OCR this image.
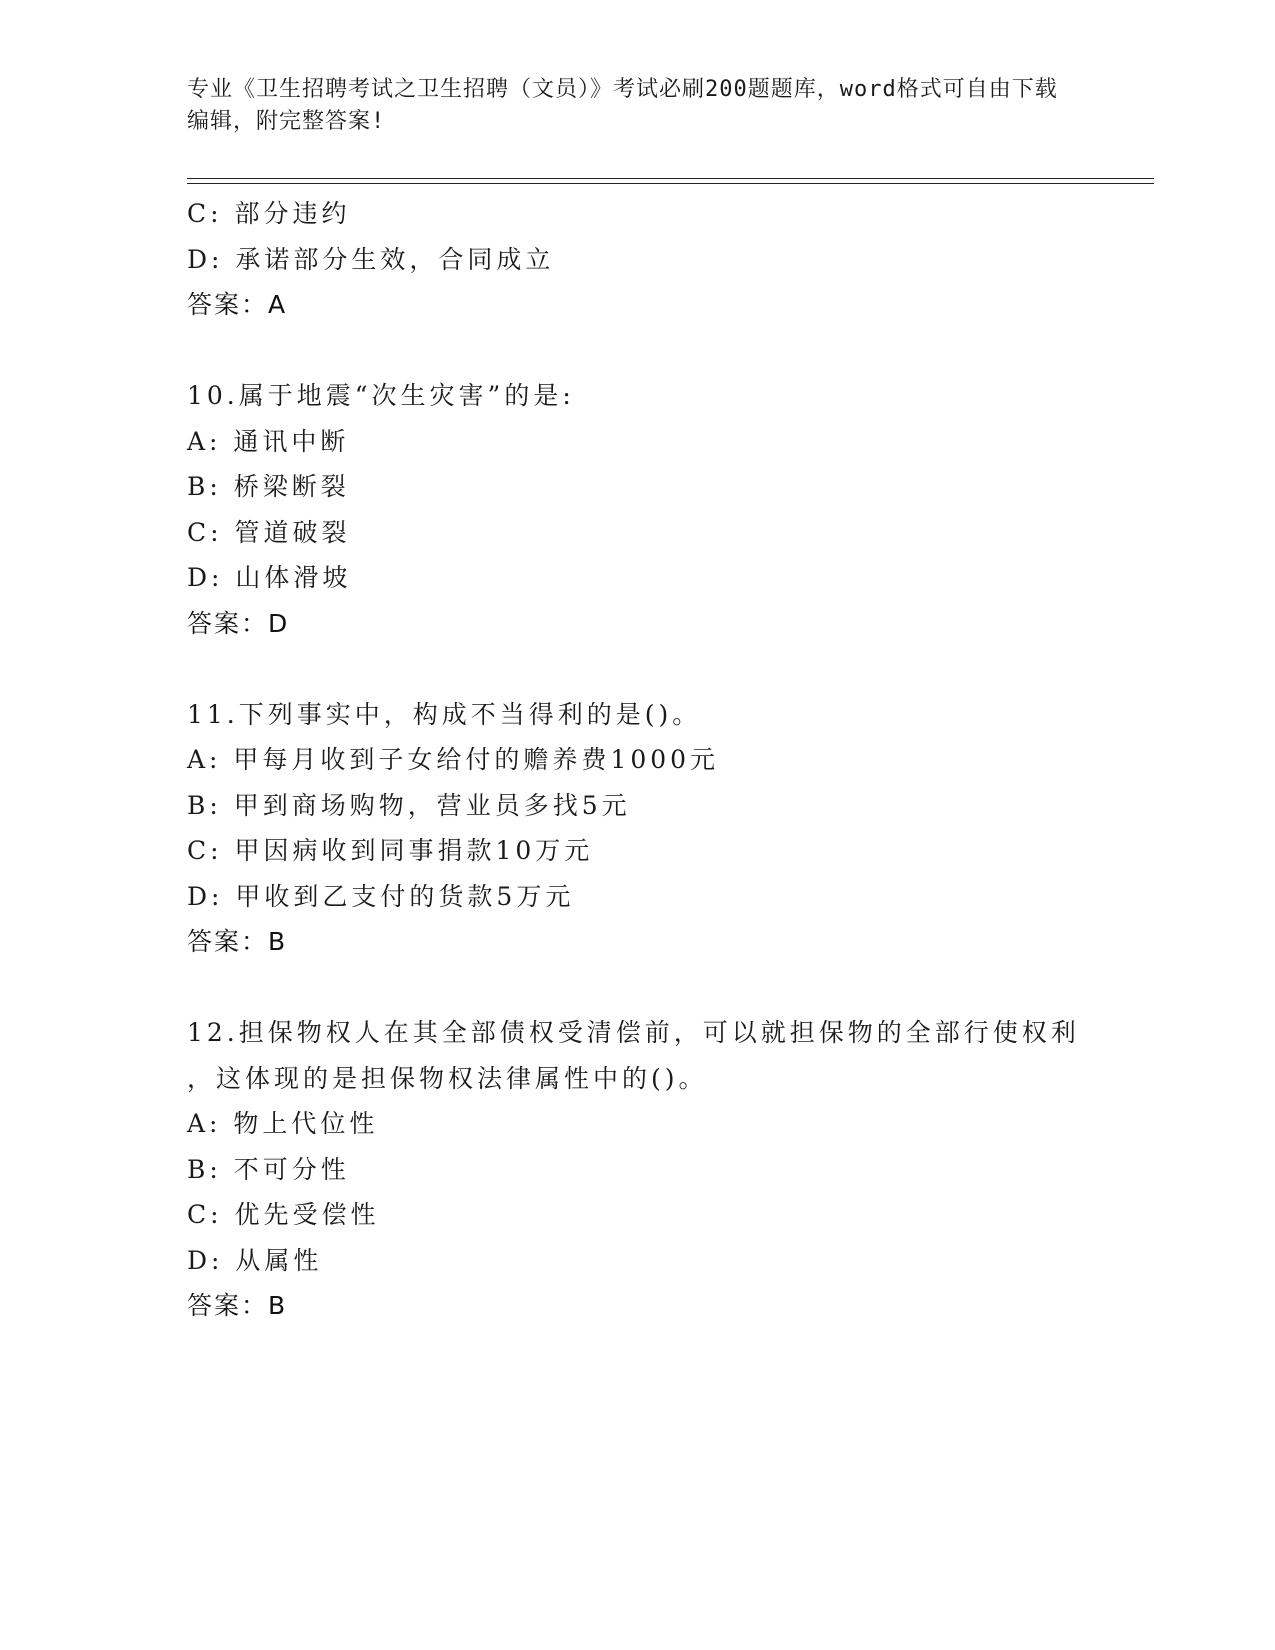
专业《卫生招聘考试之卫生招聘（文员）》考试必刷200题题库，word格式可自由下载编辑，附完整答案!
C: 部分违约
D: 承诺部分生效，合同成立
答案：A
10.属于地震“次生灾害”的是:
A: 通讯中断
B: 桥梁断裂
C: 管道破裂
D: 山体滑坡
答案：D
11.下列事实中，构成不当得利的是()。
A: 甲每月收到子女给付的赡养费1000元
B: 甲到商场购物，营业员多找5元
C: 甲因病收到同事捐款10万元
D: 甲收到乙支付的货款5万元
答案：B
12.担保物权人在其全部债权受清偿前，可以就担保物的全部行使权利
，这体现的是担保物权法律属性中的()。
A: 物上代位性
B: 不可分性
C: 优先受偿性
D: 从属性
答案：B
